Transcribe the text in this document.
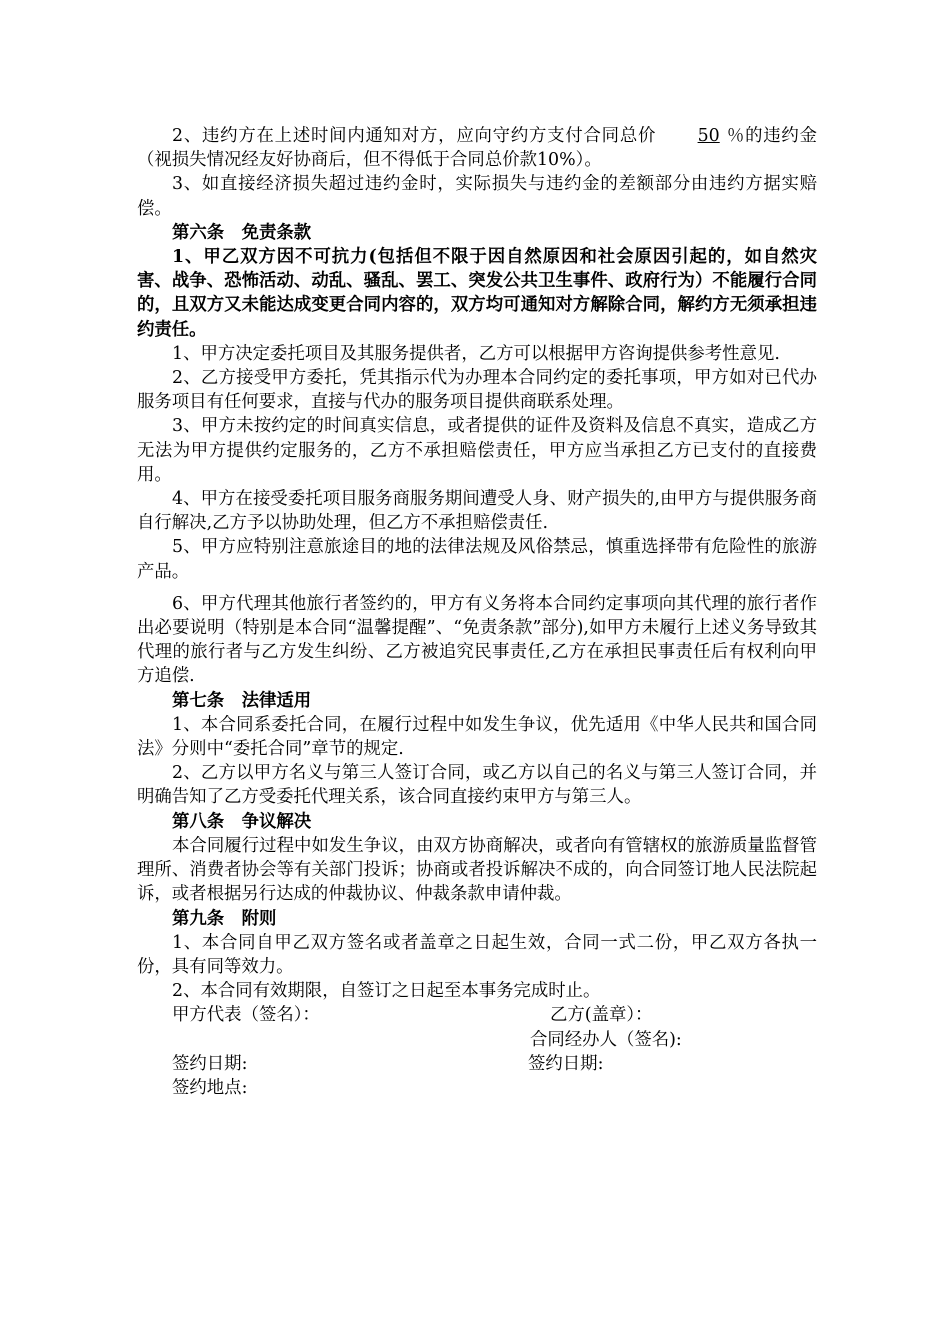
2、违约方在上述时间内通知对方，应向守约方支付合同总价 50 ％的违约金（视损失情况经友好协商后，但不得低于合同总价款10%）。

3、如直接经济损失超过违约金时，实际损失与违约金的差额部分由违约方据实赔偿。

第六条　免责条款

1、甲乙双方因不可抗力(包括但不限于因自然原因和社会原因引起的，如自然灾害、战争、恐怖活动、动乱、骚乱、罢工、突发公共卫生事件、政府行为）不能履行合同的，且双方又未能达成变更合同内容的，双方均可通知对方解除合同，解约方无须承担违约责任。

1、甲方决定委托项目及其服务提供者，乙方可以根据甲方咨询提供参考性意见.

2、乙方接受甲方委托，凭其指示代为办理本合同约定的委托事项，甲方如对已代办服务项目有任何要求，直接与代办的服务项目提供商联系处理。

3、甲方未按约定的时间真实信息，或者提供的证件及资料及信息不真实，造成乙方无法为甲方提供约定服务的，乙方不承担赔偿责任，甲方应当承担乙方已支付的直接费用。

4、甲方在接受委托项目服务商服务期间遭受人身、财产损失的,由甲方与提供服务商自行解决,乙方予以协助处理，但乙方不承担赔偿责任.

5、甲方应特别注意旅途目的地的法律法规及风俗禁忌，慎重选择带有危险性的旅游产品。

6、甲方代理其他旅行者签约的，甲方有义务将本合同约定事项向其代理的旅行者作出必要说明（特别是本合同“温馨提醒”、“免责条款”部分),如甲方未履行上述义务导致其代理的旅行者与乙方发生纠纷、乙方被追究民事责任,乙方在承担民事责任后有权利向甲方追偿.

第七条　法律适用

1、本合同系委托合同，在履行过程中如发生争议，优先适用《中华人民共和国合同法》分则中“委托合同”章节的规定.

2、乙方以甲方名义与第三人签订合同，或乙方以自己的名义与第三人签订合同，并明确告知了乙方受委托代理关系，该合同直接约束甲方与第三人。

第八条　争议解决

本合同履行过程中如发生争议，由双方协商解决，或者向有管辖权的旅游质量监督管理所、消费者协会等有关部门投诉；协商或者投诉解决不成的，向合同签订地人民法院起诉，或者根据另行达成的仲裁协议、仲裁条款申请仲裁。

第九条　附则

1、本合同自甲乙双方签名或者盖章之日起生效，合同一式二份，甲乙双方各执一份，具有同等效力。

2、本合同有效期限，自签订之日起至本事务完成时止。

甲方代表（签名）：	乙方(盖章）：
合同经办人（签名):
签约日期:	签约日期:
签约地点:
